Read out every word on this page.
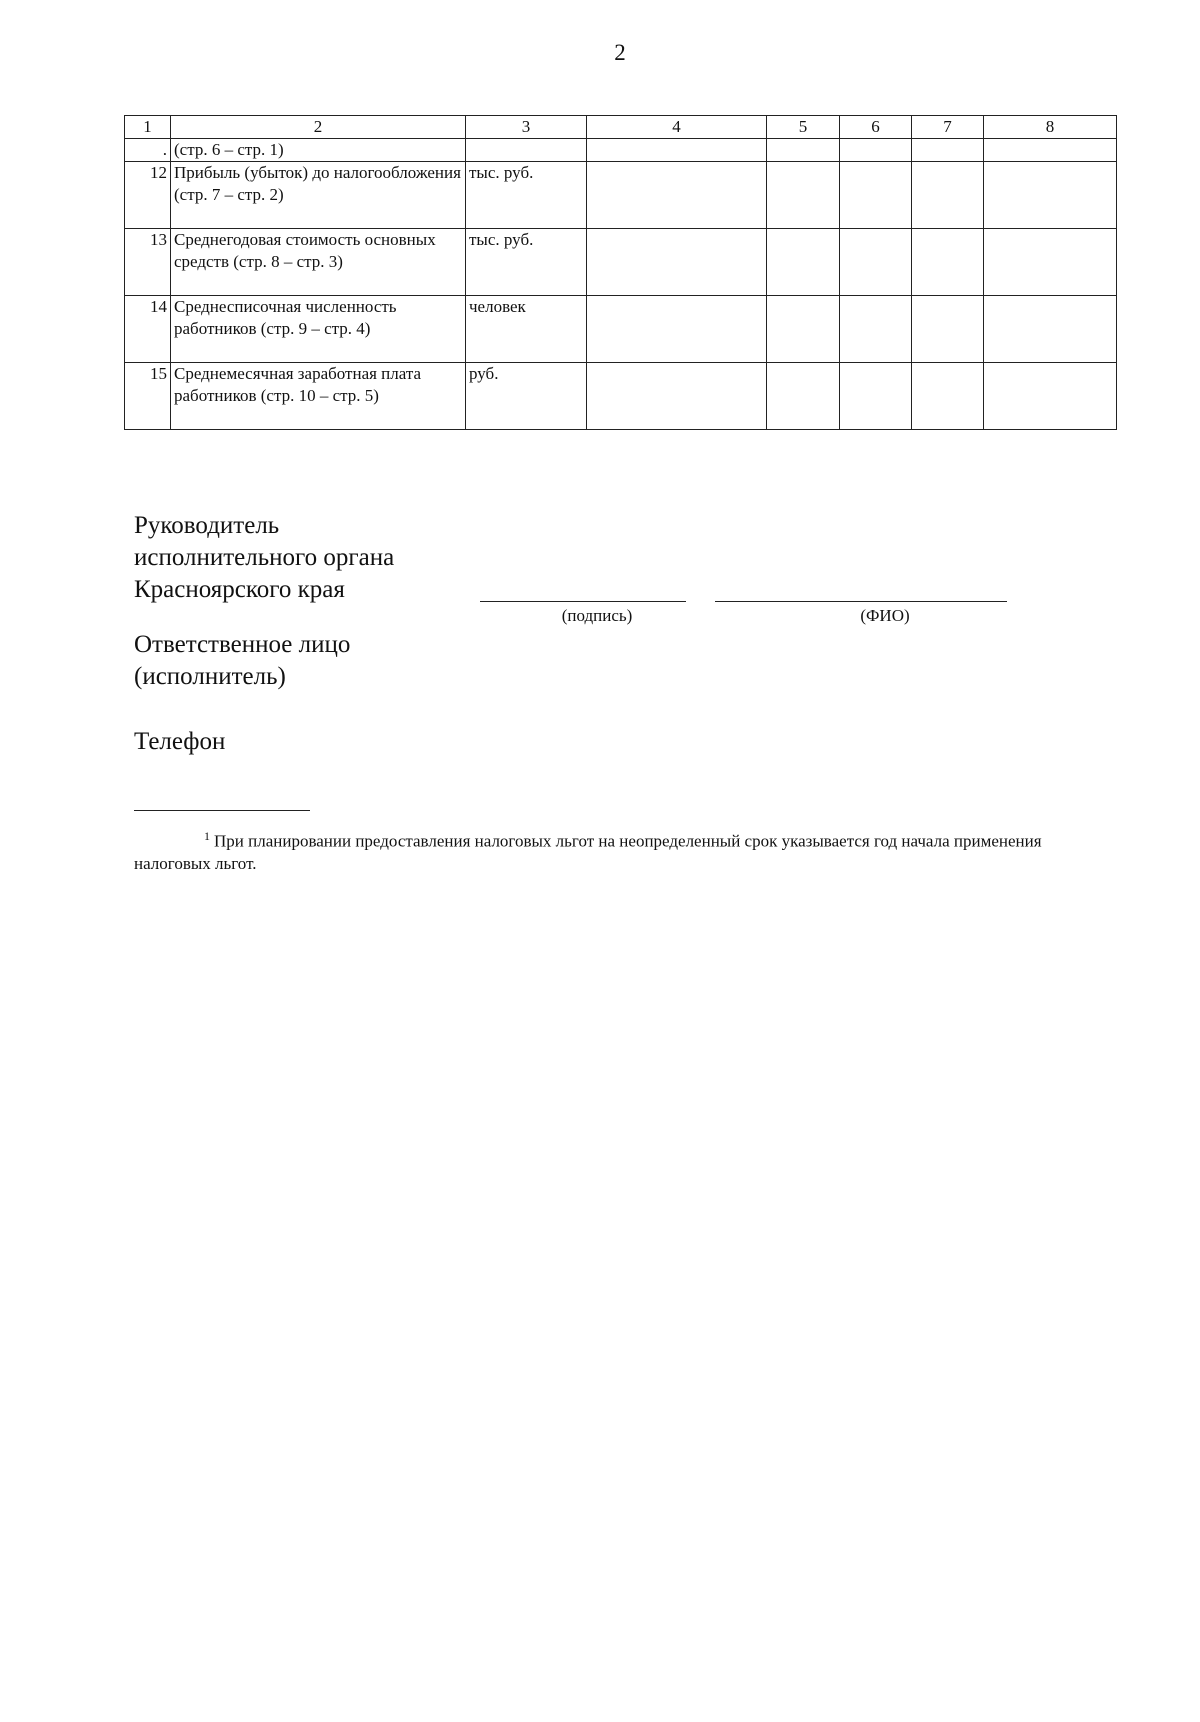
2
1	2	3	4	5	6	7	8
.	(стр. 6 – стр. 1)						
12	Прибыль (убыток) до налогообложения (стр. 7 – стр. 2)	тыс. руб.					
13	Среднегодовая стоимость основных средств (стр. 8 – стр. 3)	тыс. руб.					
14	Среднесписочная численность работников (стр. 9 – стр. 4)	человек					
15	Среднемесячная заработная плата работников (стр. 10 – стр. 5)	руб.					
Руководитель
исполнительного органа
Красноярского края
(подпись)	(ФИО)
Ответственное лицо
(исполнитель)
Телефон
$^1$ При планировании предоставления налоговых льгот на неопределенный срок указывается год начала применения налоговых льгот.
